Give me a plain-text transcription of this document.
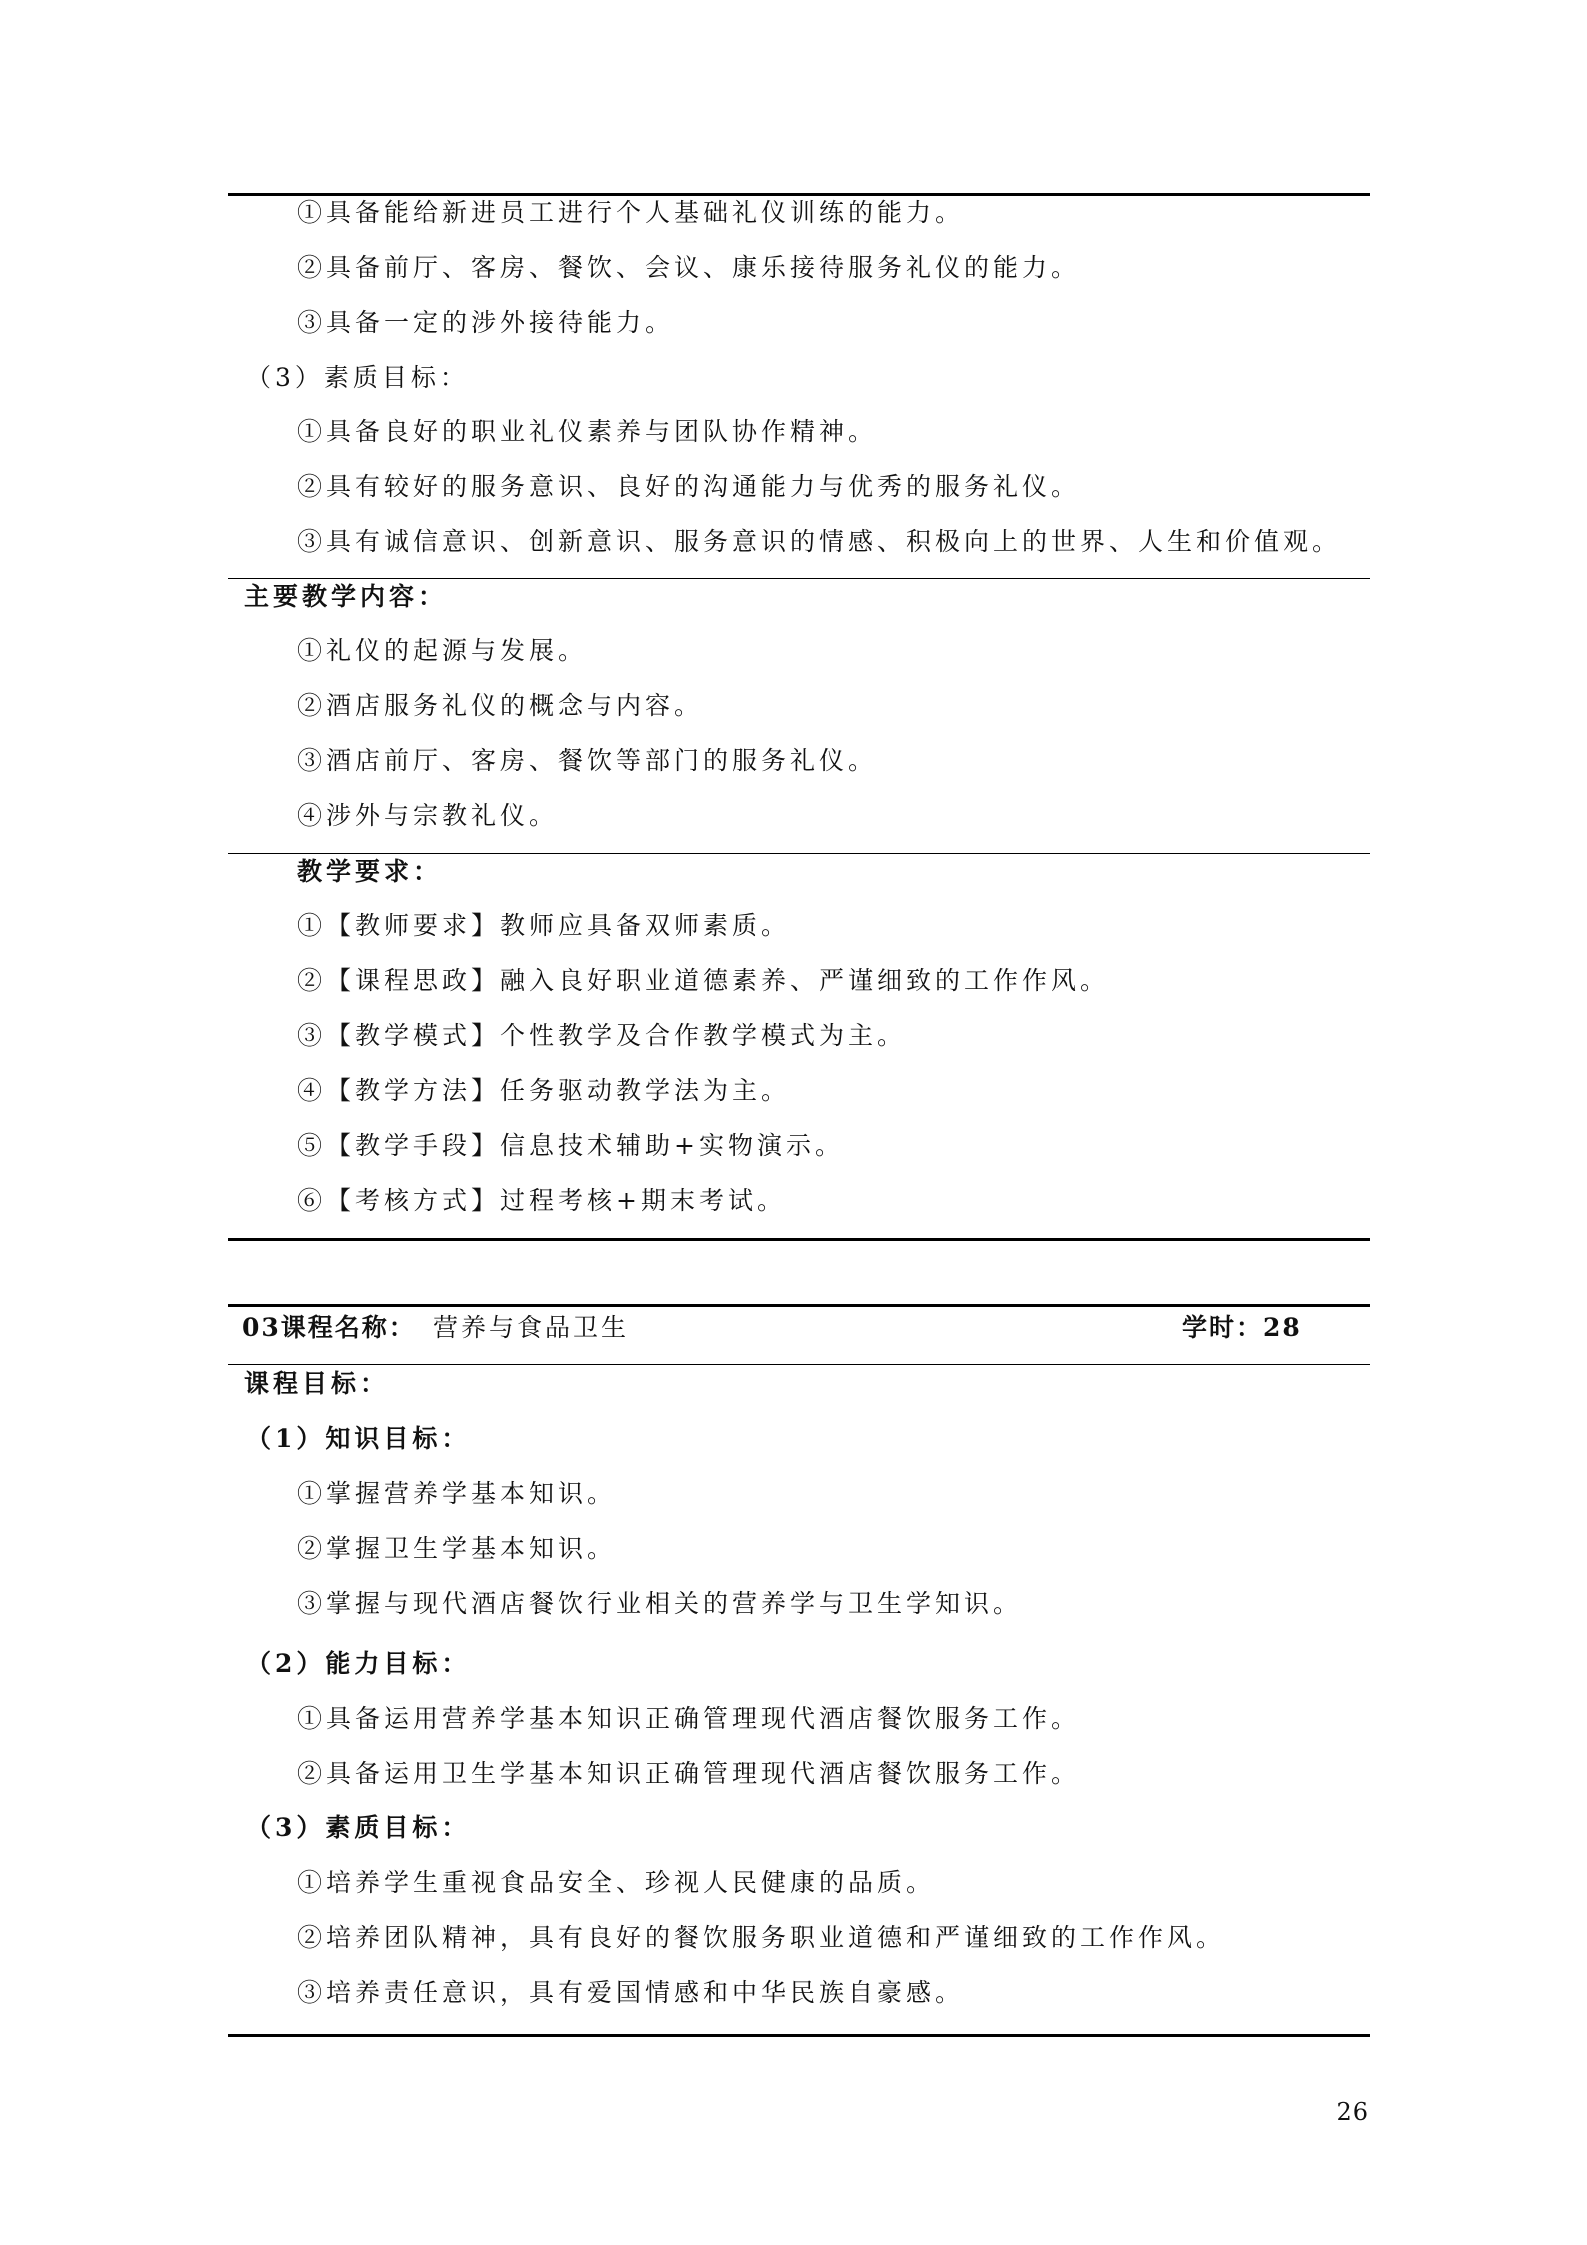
①具备能给新进员工进行个人基础礼仪训练的能力。
②具备前厅、客房、餐饮、会议、康乐接待服务礼仪的能力。
③具备一定的涉外接待能力。
（3）素质目标：
①具备良好的职业礼仪素养与团队协作精神。
②具有较好的服务意识、良好的沟通能力与优秀的服务礼仪。
③具有诚信意识、创新意识、服务意识的情感、积极向上的世界、人生和价值观。
主要教学内容：
①礼仪的起源与发展。
②酒店服务礼仪的概念与内容。
③酒店前厅、客房、餐饮等部门的服务礼仪。
④涉外与宗教礼仪。
教学要求：
①【教师要求】教师应具备双师素质。
②【课程思政】融入良好职业道德素养、严谨细致的工作作风。
③【教学模式】个性教学及合作教学模式为主。
④【教学方法】任务驱动教学法为主。
⑤【教学手段】信息技术辅助+实物演示。
⑥【考核方式】过程考核+期末考试。
03课程名称： 营养与食品卫生	学时：28
课程目标：
（1）知识目标：
①掌握营养学基本知识。
②掌握卫生学基本知识。
③掌握与现代酒店餐饮行业相关的营养学与卫生学知识。
（2）能力目标：
①具备运用营养学基本知识正确管理现代酒店餐饮服务工作。
②具备运用卫生学基本知识正确管理现代酒店餐饮服务工作。
（3）素质目标：
①培养学生重视食品安全、珍视人民健康的品质。
②培养团队精神，具有良好的餐饮服务职业道德和严谨细致的工作作风。
③培养责任意识，具有爱国情感和中华民族自豪感。
26
